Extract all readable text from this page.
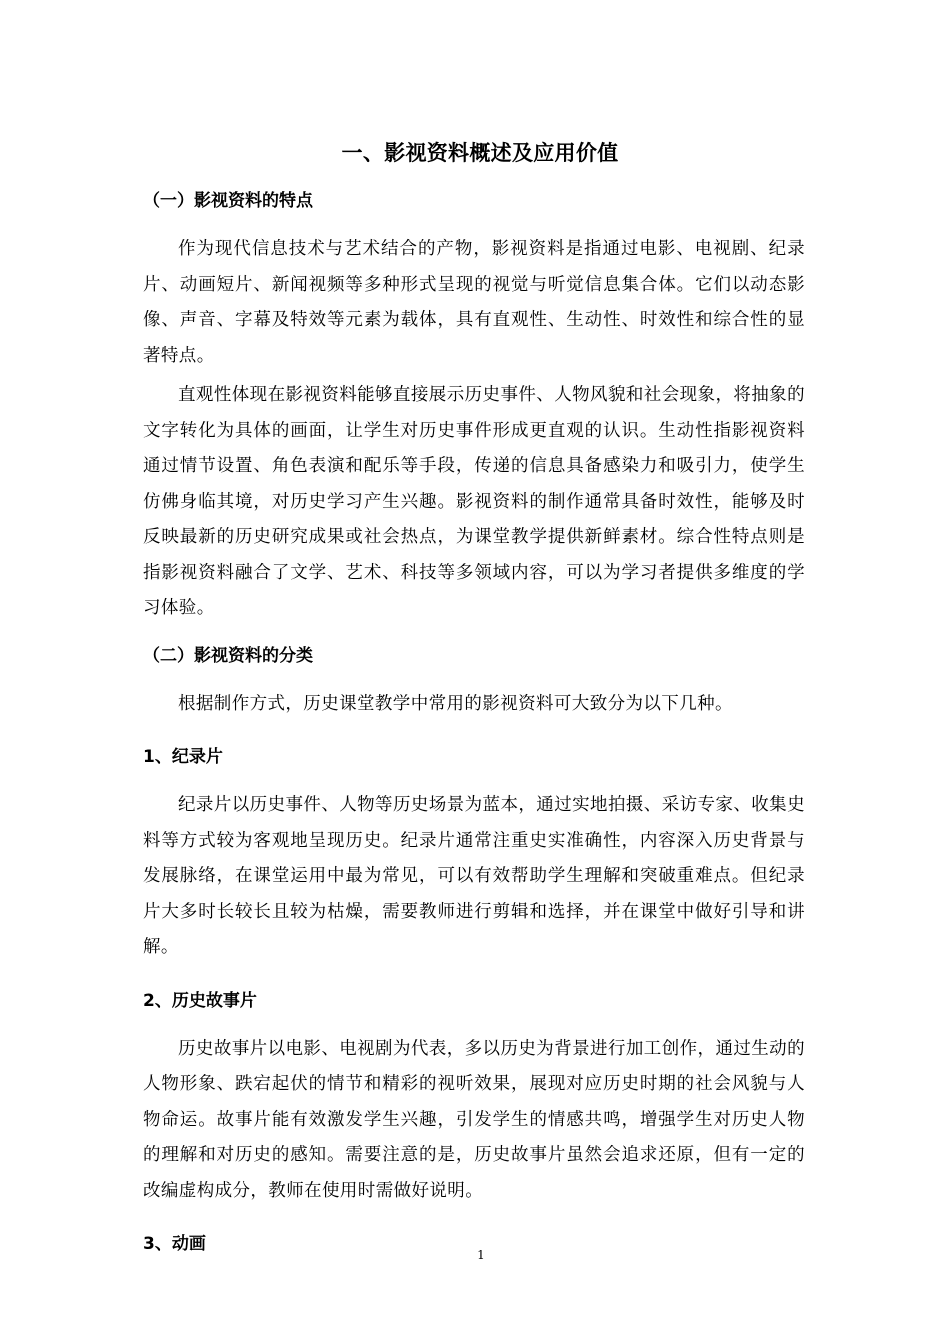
一、影视资料概述及应用价值
（一）影视资料的特点

作为现代信息技术与艺术结合的产物，影视资料是指通过电影、电视剧、纪录片、动画短片、新闻视频等多种形式呈现的视觉与听觉信息集合体。它们以动态影像、声音、字幕及特效等元素为载体，具有直观性、生动性、时效性和综合性的显著特点。

直观性体现在影视资料能够直接展示历史事件、人物风貌和社会现象，将抽象的文字转化为具体的画面，让学生对历史事件形成更直观的认识。生动性指影视资料通过情节设置、角色表演和配乐等手段，传递的信息具备感染力和吸引力，使学生仿佛身临其境，对历史学习产生兴趣。影视资料的制作通常具备时效性，能够及时反映最新的历史研究成果或社会热点，为课堂教学提供新鲜素材。综合性特点则是指影视资料融合了文学、艺术、科技等多领域内容，可以为学习者提供多维度的学习体验。

（二）影视资料的分类

根据制作方式，历史课堂教学中常用的影视资料可大致分为以下几种。

1、纪录片

纪录片以历史事件、人物等历史场景为蓝本，通过实地拍摄、采访专家、收集史料等方式较为客观地呈现历史。纪录片通常注重史实准确性，内容深入历史背景与发展脉络，在课堂运用中最为常见，可以有效帮助学生理解和突破重难点。但纪录片大多时长较长且较为枯燥，需要教师进行剪辑和选择，并在课堂中做好引导和讲解。

2、历史故事片

历史故事片以电影、电视剧为代表，多以历史为背景进行加工创作，通过生动的人物形象、跌宕起伏的情节和精彩的视听效果，展现对应历史时期的社会风貌与人物命运。故事片能有效激发学生兴趣，引发学生的情感共鸣，增强学生对历史人物的理解和对历史的感知。需要注意的是，历史故事片虽然会追求还原，但有一定的改编虚构成分，教师在使用时需做好说明。

3、动画
1
